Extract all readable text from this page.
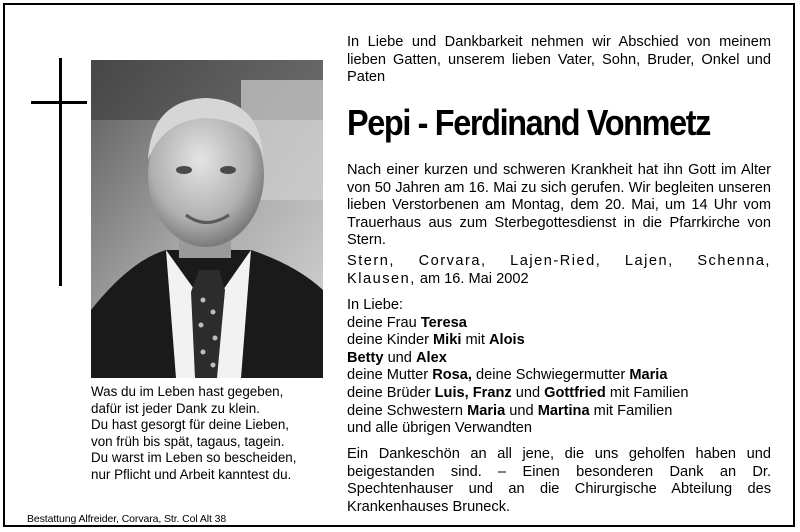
Was du im Leben hast gegeben,
dafür ist jeder Dank zu klein.
Du hast gesorgt für deine Lieben,
von früh bis spät, tagaus, tagein.
Du warst im Leben so bescheiden,
nur Pflicht und Arbeit kanntest du.
Bestattung Alfreider, Corvara, Str. Col Alt 38

In Liebe und Dankbarkeit nehmen wir Abschied von meinem lieben Gatten, unserem lieben Vater, Sohn, Bruder, Onkel und Paten

Pepi - Ferdinand Vonmetz

Nach einer kurzen und schweren Krankheit hat ihn Gott im Alter von 50 Jahren am 16. Mai zu sich gerufen. Wir begleiten unseren lieben Verstorbenen am Montag, dem 20. Mai, um 14 Uhr vom Trauerhaus aus zum Sterbegottesdienst in die Pfarrkirche von Stern.

Stern, Corvara, Lajen-Ried, Lajen, Schenna, Klausen, am 16. Mai 2002

In Liebe:

deine Frau Teresa

deine Kinder Miki mit Alois

Betty und Alex

deine Mutter Rosa, deine Schwiegermutter Maria

deine Brüder Luis, Franz und Gottfried mit Familien

deine Schwestern Maria und Martina mit Familien

und alle übrigen Verwandten

Ein Dankeschön an all jene, die uns geholfen haben und beigestanden sind. – Einen besonderen Dank an Dr. Spechtenhauser und an die Chirurgische Abteilung des Krankenhauses Bruneck.
